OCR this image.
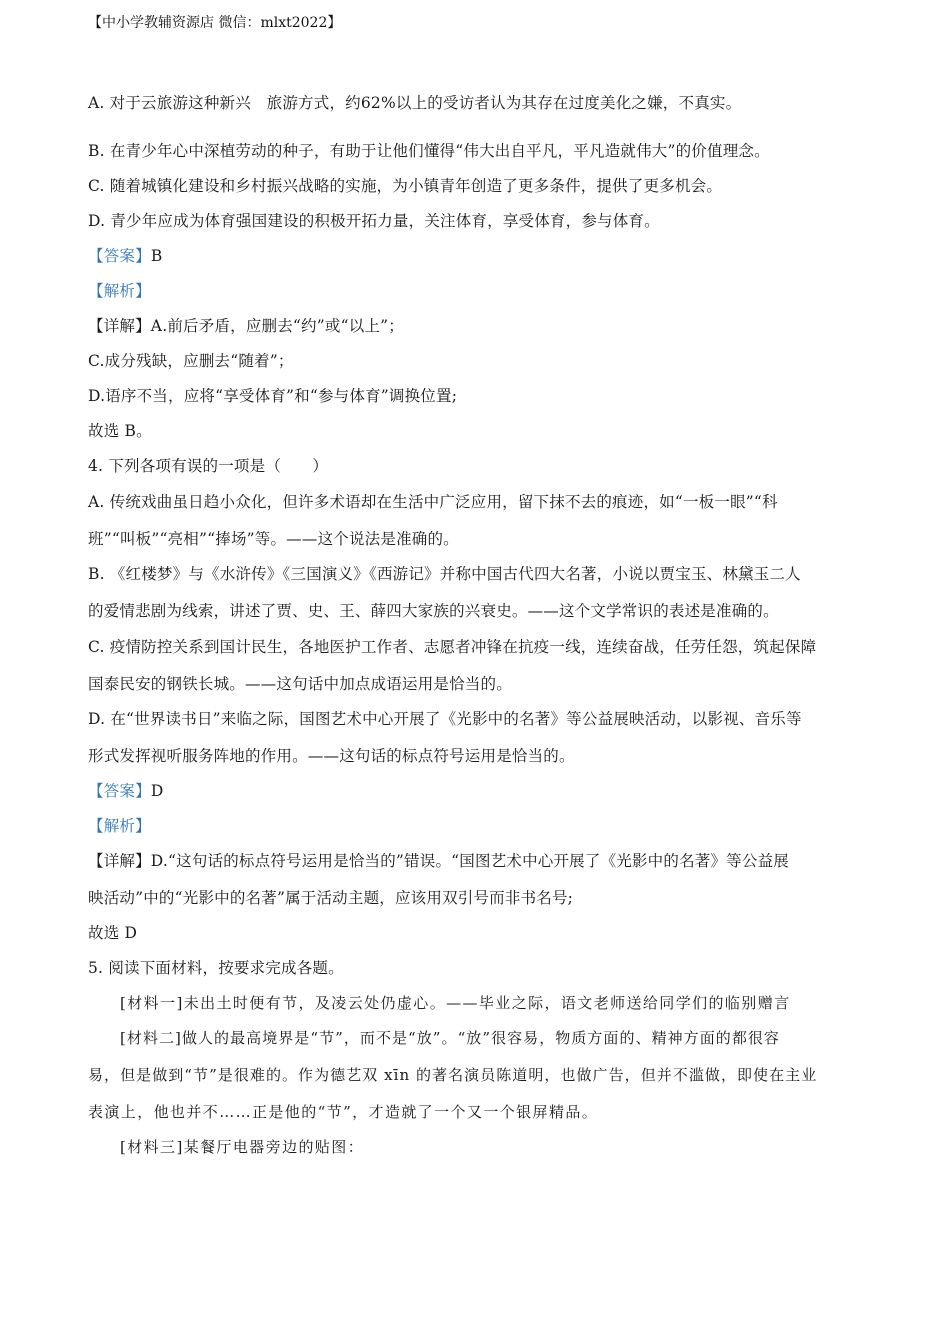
【中小学教辅资源店 微信：mlxt2022】
A. 对于云旅游这种新兴　旅游方式，约62%以上的受访者认为其存在过度美化之嫌，不真实。
B. 在青少年心中深植劳动的种子，有助于让他们懂得“伟大出自平凡，平凡造就伟大”的价值理念。
C. 随着城镇化建设和乡村振兴战略的实施，为小镇青年创造了更多条件，提供了更多机会。
D. 青少年应成为体育强国建设的积极开拓力量，关注体育，享受体育，参与体育。
【答案】B
【解析】
【详解】A.前后矛盾，应删去“约”或“以上”；
C.成分残缺，应删去“随着”；
D.语序不当，应将“享受体育”和“参与体育”调换位置;
故选 B。
4. 下列各项有误的一项是（　　）
A. 传统戏曲虽日趋小众化，但许多术语却在生活中广泛应用，留下抹不去的痕迹，如“一板一眼”“科
班”“叫板”“亮相”“捧场”等。——这个说法是准确的。
B. 《红楼梦》与《水浒传》《三国演义》《西游记》并称中国古代四大名著，小说以贾宝玉、林黛玉二人
的爱情悲剧为线索，讲述了贾、史、王、薛四大家族的兴衰史。——这个文学常识的表述是准确的。
C. 疫情防控关系到国计民生，各地医护工作者、志愿者冲锋在抗疫一线，连续奋战，任劳任怨，筑起保障
国泰民安的钢铁长城。——这句话中加点成语运用是恰当的。
D. 在“世界读书日”来临之际，国图艺术中心开展了《光影中的名著》等公益展映活动，以影视、音乐等
形式发挥视听服务阵地的作用。——这句话的标点符号运用是恰当的。
【答案】D
【解析】
【详解】D.“这句话的标点符号运用是恰当的”错误。“国图艺术中心开展了《光影中的名著》等公益展
映活动”中的“光影中的名著”属于活动主题，应该用双引号而非书名号;
故选 D
5. 阅读下面材料，按要求完成各题。
[材料一]未出土时便有节，及凌云处仍虚心。——毕业之际，语文老师送给同学们的临别赠言
[材料二]做人的最高境界是“节”，而不是“放”。“放”很容易，物质方面的、精神方面的都很容
易，但是做到“节”是很难的。作为德艺双 xīn 的著名演员陈道明，也做广告，但并不滥做，即使在主业
表演上，他也并不……正是他的“节”，才造就了一个又一个银屏精品。
[材料三]某餐厅电器旁边的贴图：
